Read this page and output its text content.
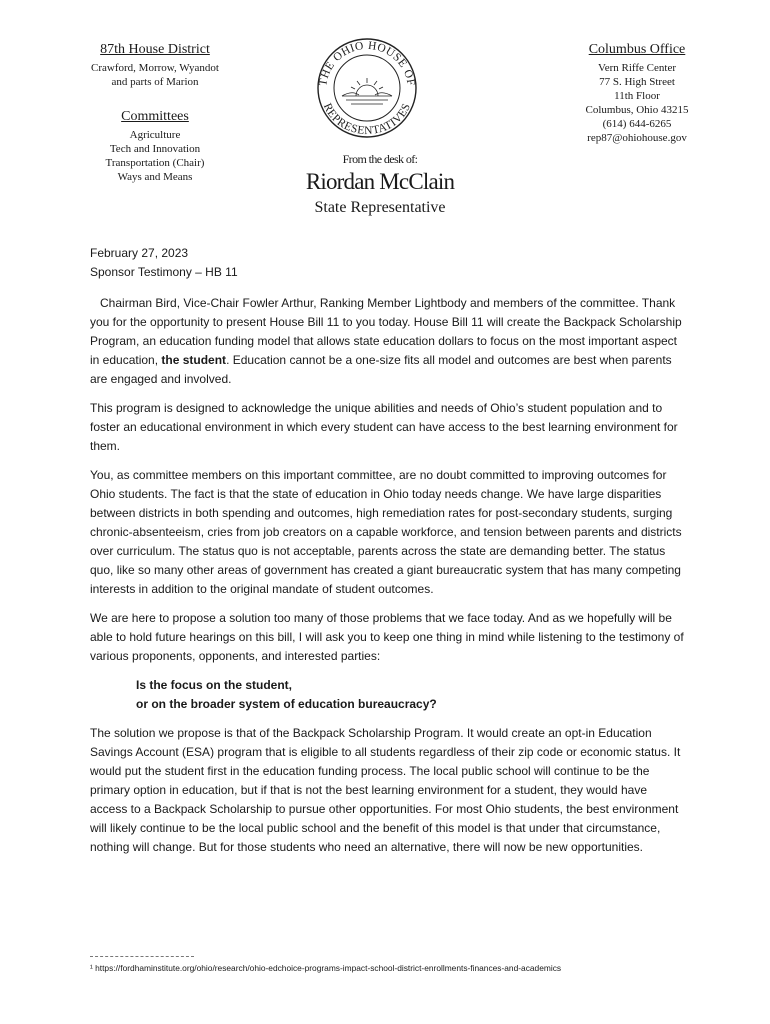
87th House District
Crawford, Morrow, Wyandot
and parts of Marion
Committees
Agriculture
Tech and Innovation
Transportation (Chair)
Ways and Means
THE OHIO HOUSE OF
REPRESENTATIVES
Columbus Office
Vern Riffe Center
77 S. High Street
11th Floor
Columbus, Ohio 43215
(614) 644-6265
rep87@ohiohouse.gov
From the desk of:
Riordan McClain
State Representative
February 27, 2023
Sponsor Testimony – HB 11

Chairman Bird, Vice-Chair Fowler Arthur, Ranking Member Lightbody and members of the committee. Thank you for the opportunity to present House Bill 11 to you today. House Bill 11 will create the Backpack Scholarship Program, an education funding model that allows state education dollars to focus on the most important aspect in education, the student. Education cannot be a one-size fits all model and outcomes are best when parents are engaged and involved.

This program is designed to acknowledge the unique abilities and needs of Ohio’s student population and to foster an educational environment in which every student can have access to the best learning environment for them.

You, as committee members on this important committee, are no doubt committed to improving outcomes for Ohio students. The fact is that the state of education in Ohio today needs change. We have large disparities between districts in both spending and outcomes, high remediation rates for post-secondary students, surging chronic-absenteeism, cries from job creators on a capable workforce, and tension between parents and districts over curriculum. The status quo is not acceptable, parents across the state are demanding better. The status quo, like so many other areas of government has created a giant bureaucratic system that has many competing interests in addition to the original mandate of student outcomes.

We are here to propose a solution too many of those problems that we face today. And as we hopefully will be able to hold future hearings on this bill, I will ask you to keep one thing in mind while listening to the testimony of various proponents, opponents, and interested parties:

Is the focus on the student,
or on the broader system of education bureaucracy?

The solution we propose is that of the Backpack Scholarship Program. It would create an opt-in Education Savings Account (ESA) program that is eligible to all students regardless of their zip code or economic status. It would put the student first in the education funding process. The local public school will continue to be the primary option in education, but if that is not the best learning environment for a student, they would have access to a Backpack Scholarship to pursue other opportunities. For most Ohio students, the best environment will likely continue to be the local public school and the benefit of this model is that under that circumstance, nothing will change. But for those students who need an alternative, there will now be new opportunities.

¹ https://fordhaminstitute.org/ohio/research/ohio-edchoice-programs-impact-school-district-enrollments-finances-and-academics
